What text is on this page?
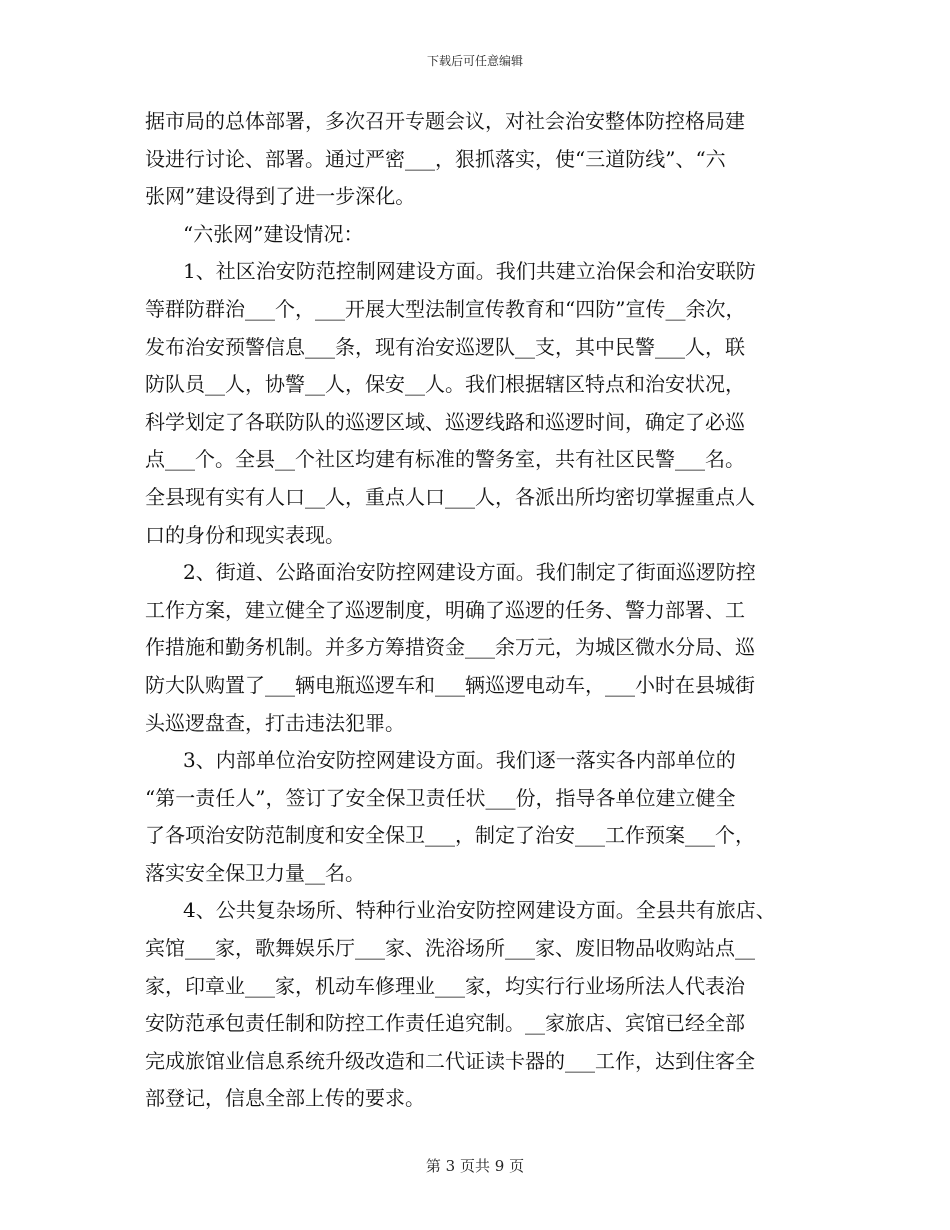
下载后可任意编辑
据市局的总体部署，多次召开专题会议，对社会治安整体防控格局建
设进行讨论、部署。通过严密___，狠抓落实，使“三道防线”、“六
张网”建设得到了进一步深化。
“六张网”建设情况：
1、社区治安防范控制网建设方面。我们共建立治保会和治安联防
等群防群治___个，___开展大型法制宣传教育和“四防”宣传__余次，
发布治安预警信息___条，现有治安巡逻队__支，其中民警___人，联
防队员__人，协警__人，保安__人。我们根据辖区特点和治安状况，
科学划定了各联防队的巡逻区域、巡逻线路和巡逻时间，确定了必巡
点___个。全县__个社区均建有标准的警务室，共有社区民警___名。
全县现有实有人口__人，重点人口___人，各派出所均密切掌握重点人
口的身份和现实表现。
2、街道、公路面治安防控网建设方面。我们制定了街面巡逻防控
工作方案，建立健全了巡逻制度，明确了巡逻的任务、警力部署、工
作措施和勤务机制。并多方筹措资金___余万元，为城区微水分局、巡
防大队购置了___辆电瓶巡逻车和___辆巡逻电动车，___小时在县城街
头巡逻盘查，打击违法犯罪。
3、内部单位治安防控网建设方面。我们逐一落实各内部单位的
“第一责任人”，签订了安全保卫责任状___份，指导各单位建立健全
了各项治安防范制度和安全保卫___，制定了治安___工作预案___个，
落实安全保卫力量__名。
4、公共复杂场所、特种行业治安防控网建设方面。全县共有旅店、
宾馆___家，歌舞娱乐厅___家、洗浴场所___家、废旧物品收购站点__
家，印章业___家，机动车修理业___家，均实行行业场所法人代表治
安防范承包责任制和防控工作责任追究制。__家旅店、宾馆已经全部
完成旅馆业信息系统升级改造和二代证读卡器的___工作，达到住客全
部登记，信息全部上传的要求。
第 3 页共 9 页
